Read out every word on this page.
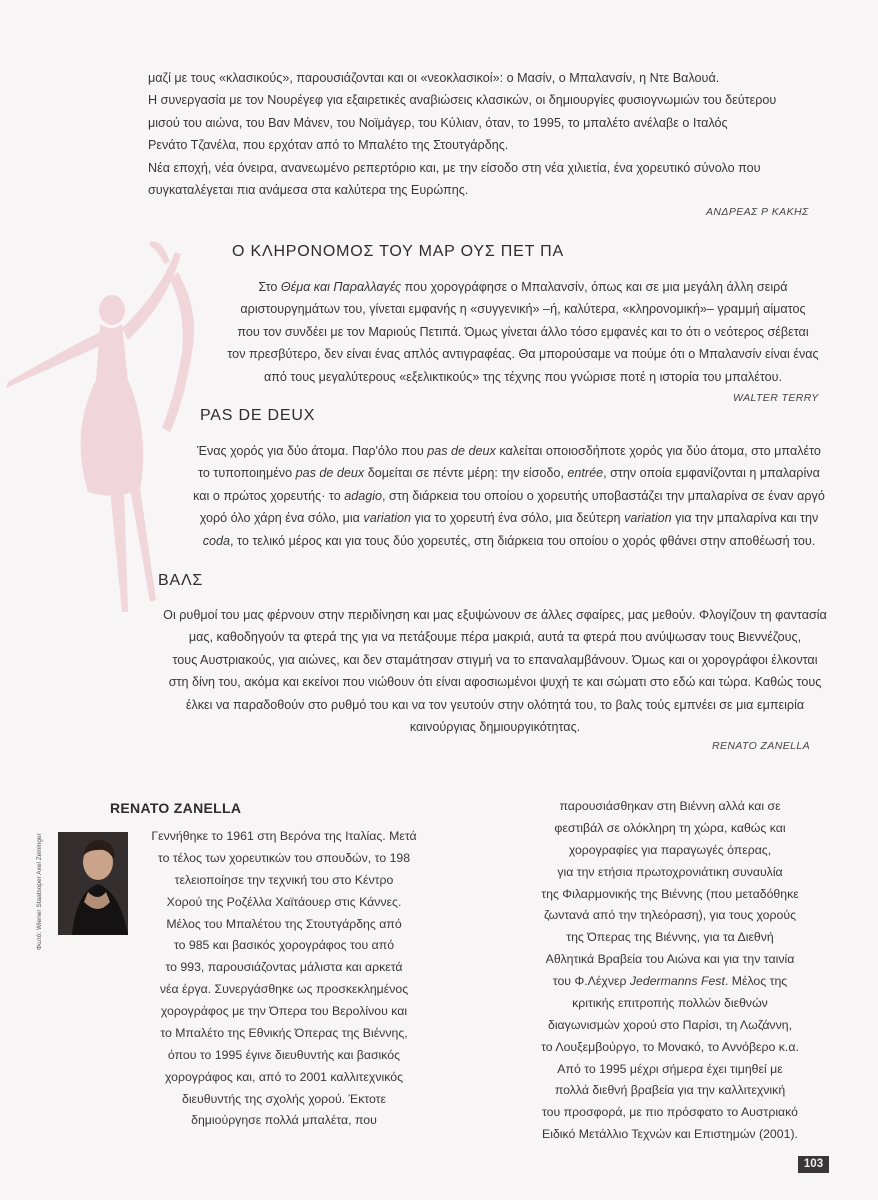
μαζί με τους «κλασικούς», παρουσιάζονται και οι «νεοκλασικοί»: ο Μασίν, ο Μπαλανσίν, η Ντε Βαλουά.
Η συνεργασία με τον Νουρέγεφ για εξαιρετικές αναβιώσεις κλασικών, οι δημιουργίες φυσιογνωμιών του δεύτερου
μισού του αιώνα, του Βαν Μάνεν, του Νοϊμάγερ, του Κύλιαν, όταν, το 1995, το μπαλέτο ανέλαβε ο Ιταλός
Ρενάτο Τζανέλα, που ερχόταν από το Μπαλέτο της Στουτγάρδης.
Νέα εποχή, νέα όνειρα, ανανεωμένο ρεπερτόριο και, με την είσοδο στη νέα χιλιετία, ένα χορευτικό σύνολο που
συγκαταλέγεται πια ανάμεσα στα καλύτερα της Ευρώπης.
ΑΝΔΡΕΑΣ Ρ ΚΑΚΗΣ
Ο ΚΛΗΡΟΝΟΜΟΣ ΤΟΥ ΜΑΡ ΟΥΣ ΠΕΤ ΠΑ
Στο Θέμα και Παραλλαγές που χορογράφησε ο Μπαλανσίν, όπως και σε μια μεγάλη άλλη σειρά
αριστουργημάτων του, γίνεται εμφανής η «συγγενική» –ή, καλύτερα, «κληρονομική»– γραμμή αίματος
που τον συνδέει με τον Μαριούς Πετιπά. Όμως γίνεται άλλο τόσο εμφανές και το ότι ο νεότερος σέβεται
τον πρεσβύτερο, δεν είναι ένας απλός αντιγραφέας. Θα μπορούσαμε να πούμε ότι ο Μπαλανσίν είναι ένας
από τους μεγαλύτερους «εξελικτικούς» της τέχνης που γνώρισε ποτέ η ιστορία του μπαλέτου.
WALTER TERRY
PAS DE DEUX
Ένας χορός για δύο άτομα. Παρ'όλο που pas de deux καλείται οποιοσδήποτε χορός για δύο άτομα, στο μπαλέτο
το τυποποιημένο pas de deux δομείται σε πέντε μέρη: την είσοδο, entrée, στην οποία εμφανίζονται η μπαλαρίνα
και ο πρώτος χορευτής· το adagio, στη διάρκεια του οποίου ο χορευτής υποβαστάζει την μπαλαρίνα σε έναν αργό
χορό όλο χάρη ένα σόλο, μια variation για το χορευτή ένα σόλο, μια δεύτερη variation για την μπαλαρίνα και την
coda, το τελικό μέρος και για τους δύο χορευτές, στη διάρκεια του οποίου ο χορός φθάνει στην αποθέωσή του.
ΒΑΛΣ
Οι ρυθμοί του μας φέρνουν στην περιδίνηση και μας εξυψώνουν σε άλλες σφαίρες, μας μεθούν. Φλογίζουν τη φαντασία
μας, καθοδηγούν τα φτερά της για να πετάξουμε πέρα μακριά, αυτά τα φτερά που ανύψωσαν τους Βιεννέζους,
τους Αυστριακούς, για αιώνες, και δεν σταμάτησαν στιγμή να το επαναλαμβάνουν. Όμως και οι χορογράφοι έλκονται
στη δίνη του, ακόμα και εκείνοι που νιώθουν ότι είναι αφοσιωμένοι ψυχή τε και σώματι στο εδώ και τώρα. Καθώς τους
έλκει να παραδοθούν στο ρυθμό του και να τον γευτούν στην ολότητά του, το βαλς τούς εμπνέει σε μια εμπειρία
καινούργιας δημιουργικότητας.
RENATO ZANELLA
RENATO ZANELLA
Φωτό: Wiener Staatsoper Axel Zeininger	Γεννήθηκε το 1961 στη Βερόνα της Ιταλίας. Μετά
το τέλος των χορευτικών του σπουδών, το 198
τελειοποίησε την τεχνική του στο Κέντρο
Χορού της Ροζέλλα Χαϊτάουερ στις Κάννες.
Μέλος του Μπαλέτου της Στουτγάρδης από
το 985 και βασικός χορογράφος του από
το 993, παρουσιάζοντας μάλιστα και αρκετά
νέα έργα. Συνεργάσθηκε ως προσκεκλημένος
χορογράφος με την Όπερα του Βερολίνου και
το Μπαλέτο της Εθνικής Όπερας της Βιέννης,
όπου το 1995 έγινε διευθυντής και βασικός
χορογράφος και, από το 2001 καλλιτεχνικός
διευθυντής της σχολής χορού. Έκτοτε
δημιούργησε πολλά μπαλέτα, που
παρουσιάσθηκαν στη Βιέννη αλλά και σε
φεστιβάλ σε ολόκληρη τη χώρα, καθώς και
χορογραφίες για παραγωγές όπερας,
για την ετήσια πρωτοχρονιάτικη συναυλία
της Φιλαρμονικής της Βιέννης (που μεταδόθηκε
ζωντανά από την τηλεόραση), για τους χορούς
της Όπερας της Βιέννης, για τα Διεθνή
Αθλητικά Βραβεία του Αιώνα και για την ταινία
του Φ.Λέχνερ Jedermanns Fest. Μέλος της
κριτικής επιτροπής πολλών διεθνών
διαγωνισμών χορού στο Παρίσι, τη Λωζάννη,
το Λουξεμβούργο, το Μονακό, το Αννόβερο κ.α.
Από το 1995 μέχρι σήμερα έχει τιμηθεί με
πολλά διεθνή βραβεία για την καλλιτεχνική
του προσφορά, με πιο πρόσφατο το Αυστριακό
Ειδικό Μετάλλιο Τεχνών και Επιστημών (2001).
103
